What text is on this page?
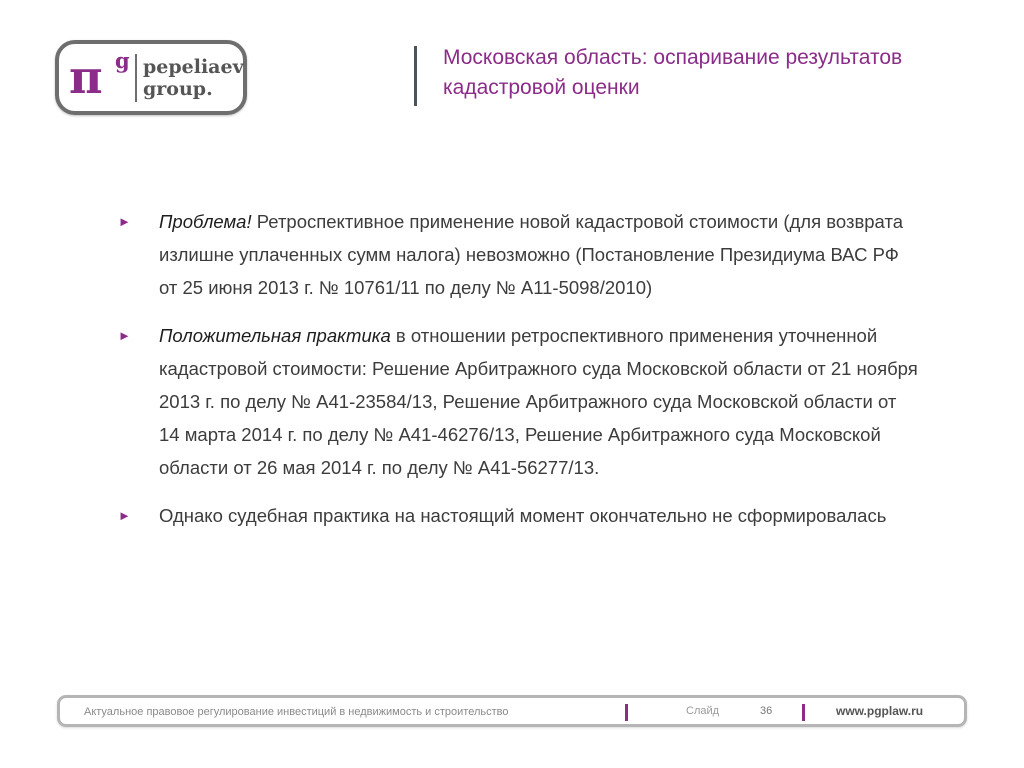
π g pepeliaev
group.
Московская область: оспаривание результатов кадастровой оценки
► Проблема! Ретроспективное применение новой кадастровой стоимости (для возврата излишне уплаченных сумм налога) невозможно (Постановление Президиума ВАС РФ от 25 июня 2013 г. № 10761/11 по делу № А11-5098/2010)
► Положительная практика в отношении ретроспективного применения уточненной кадастровой стоимости: Решение Арбитражного суда Московской области от 21 ноября 2013 г. по делу № А41-23584/13, Решение Арбитражного суда Московской области от 14 марта 2014 г. по делу № А41-46276/13, Решение Арбитражного суда Московской области от 26 мая 2014 г. по делу № А41-56277/13.
► Однако судебная практика на настоящий момент окончательно не сформировалась
Актуальное правовое регулирование инвестиций в недвижимость и строительство	Слайд	36	www.pgplaw.ru
